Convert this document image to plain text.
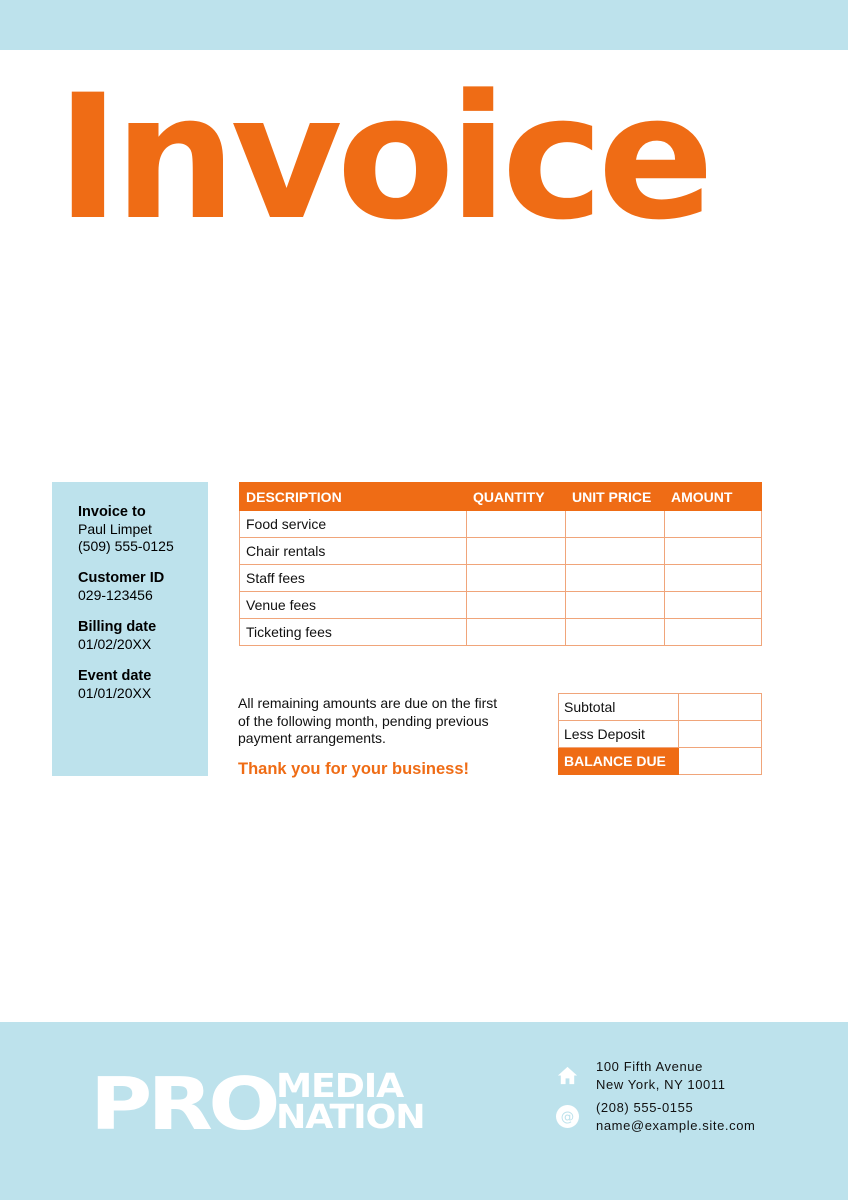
Invoice
Invoice to
Paul Limpet
(509) 555-0125
Customer ID
029-123456
Billing date
01/02/20XX
Event date
01/01/20XX
DESCRIPTION	QUANTITY	UNIT PRICE	AMOUNT
Food service			
Chair rentals			
Staff fees			
Venue fees			
Ticketing fees			
All remaining amounts are due on the first of the following month, pending previous payment arrangements.
Thank you for your business!
Subtotal	
Less Deposit	
BALANCE DUE	
PRO MEDIA
NATION
100 Fifth Avenue
New York, NY 10011
@
(208) 555-0155
name@example.site.com
